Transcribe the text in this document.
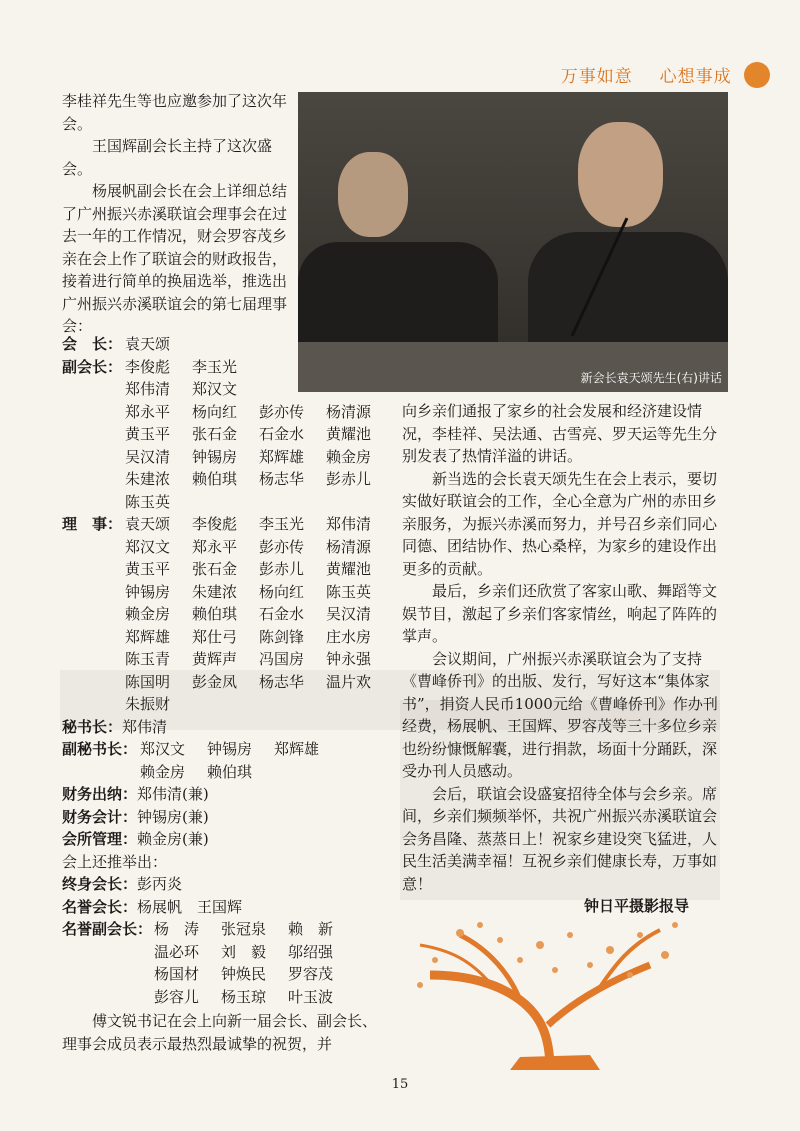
万事如意 心想事成

李桂祥先生等也应邀参加了这次年会。

王国辉副会长主持了这次盛会。

杨展帆副会长在会上详细总结了广州振兴赤溪联谊会理事会在过去一年的工作情况，财会罗容茂乡亲在会上作了联谊会的财政报告，接着进行简单的换届选举，推选出广州振兴赤溪联谊会的第七届理事会：

新会长袁天颂先生(右)讲话
会　长： 袁天颂
副会长： 李俊彪 李玉光
郑伟清 郑汉文
郑永平 杨向红 彭亦传 杨清源
黄玉平 张石金 石金水 黄耀池
吴汉清 钟锡房 郑辉雄 赖金房
朱建浓 赖伯琪 杨志华 彭赤儿
陈玉英
理　事： 袁天颂 李俊彪 李玉光 郑伟清
郑汉文 郑永平 彭亦传 杨清源
黄玉平 张石金 彭赤儿 黄耀池
钟锡房 朱建浓 杨向红 陈玉英
赖金房 赖伯琪 石金水 吴汉清
郑辉雄 郑仕弓 陈剑锋 庄水房
陈玉青 黄辉声 冯国房 钟永强
陈国明 彭金凤 杨志华 温片欢
朱振财
秘书长：郑伟清
副秘书长： 郑汉文 钟锡房 郑辉雄
赖金房 赖伯琪
财务出纳：郑伟清(兼)
财务会计：钟锡房(兼)
会所管理：赖金房(兼)
会上还推举出：
终身会长：彭丙炎
名誉会长：杨展帆　王国辉
名誉副会长： 杨　涛 张冠泉 赖　新
温必环 刘　毅 邬绍强
杨国材 钟焕民 罗容茂
彭容儿 杨玉琼 叶玉波

傅文锐书记在会上向新一届会长、副会长、理事会成员表示最热烈最诚挚的祝贺，并

向乡亲们通报了家乡的社会发展和经济建设情况，李桂祥、吴法通、古雪亮、罗天运等先生分别发表了热情洋溢的讲话。

新当选的会长袁天颂先生在会上表示，要切实做好联谊会的工作，全心全意为广州的赤田乡亲服务，为振兴赤溪而努力，并号召乡亲们同心同德、团结协作、热心桑梓，为家乡的建设作出更多的贡献。

最后，乡亲们还欣赏了客家山歌、舞蹈等文娱节目，激起了乡亲们客家情丝，响起了阵阵的掌声。

会议期间，广州振兴赤溪联谊会为了支持《曹峰侨刊》的出版、发行，写好这本“集体家书”，捐资人民币1000元给《曹峰侨刊》作办刊经费，杨展帆、王国辉、罗容茂等三十多位乡亲也纷纷慷慨解囊，进行捐款，场面十分踊跃，深受办刊人员感动。

会后，联谊会设盛宴招待全体与会乡亲。席间，乡亲们频频举怀，共祝广州振兴赤溪联谊会会务昌隆、蒸蒸日上！祝家乡建设突飞猛进，人民生活美满幸福！互祝乡亲们健康长寿，万事如意！

钟日平摄影报导
15
